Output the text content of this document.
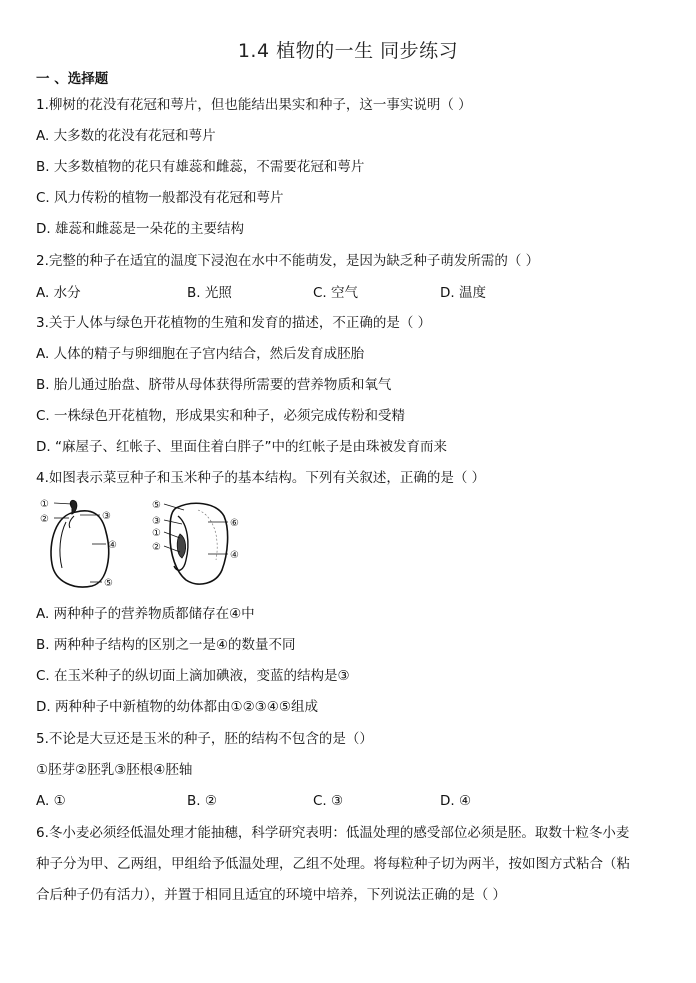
1.4 植物的一生 同步练习
一 、选择题
1.柳树的花没有花冠和萼片，但也能结出果实和种子，这一事实说明（ ）
A. 大多数的花没有花冠和萼片
B. 大多数植物的花只有雄蕊和雌蕊，不需要花冠和萼片
C. 风力传粉的植物一般都没有花冠和萼片
D. 雄蕊和雌蕊是一朵花的主要结构
2.完整的种子在适宜的温度下浸泡在水中不能萌发，是因为缺乏种子萌发所需的（ ）
A. 水分	B. 光照	C. 空气	D. 温度
3.关于人体与绿色开花植物的生殖和发育的描述，不正确的是（ ）
A. 人体的精子与卵细胞在子宫内结合，然后发育成胚胎
B. 胎儿通过胎盘、脐带从母体获得所需要的营养物质和氧气
C. 一株绿色开花植物，形成果实和种子，必须完成传粉和受精
D. “麻屋子、红帐子、里面住着白胖子”中的红帐子是由珠被发育而来
4.如图表示菜豆种子和玉米种子的基本结构。下列有关叙述，正确的是（ ）
①
②	③
④
⑤
⑤
③
①
②
⑥
④
A. 两种种子的营养物质都储存在④中
B. 两种种子结构的区别之一是④的数量不同
C. 在玉米种子的纵切面上滴加碘液，变蓝的结构是③
D. 两种种子中新植物的幼体都由①②③④⑤组成
5.不论是大豆还是玉米的种子，胚的结构不包含的是（）
①胚芽②胚乳③胚根④胚轴
A. ①	B. ②	C. ③	D. ④
6.冬小麦必须经低温处理才能抽穗，科学研究表明：低温处理的感受部位必须是胚。取数十粒冬小麦
种子分为甲、乙两组，甲组给予低温处理，乙组不处理。将每粒种子切为两半，按如图方式粘合（粘
合后种子仍有活力），并置于相同且适宜的环境中培养，下列说法正确的是（ ）
